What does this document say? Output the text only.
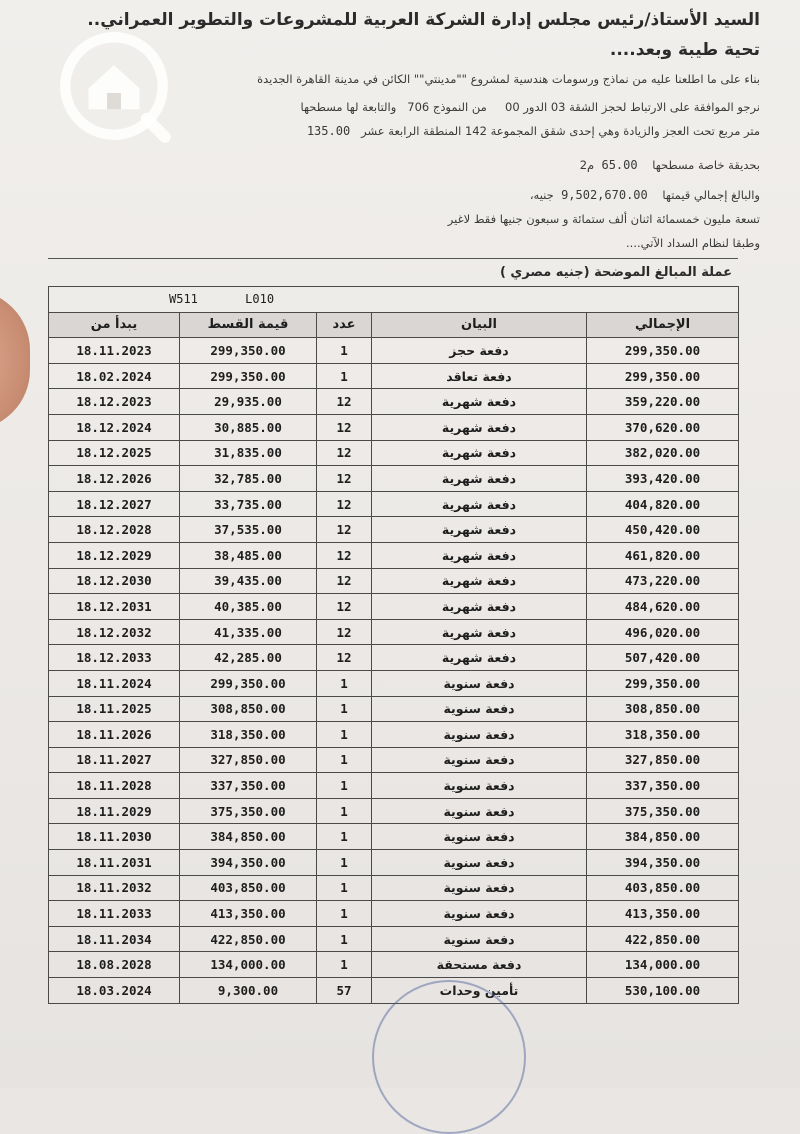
السيد الأستاذ/رئيس مجلس إدارة الشركة العربية للمشروعات والتطوير العمراني..
تحية طيبة وبعد....
بناء على ما اطلعنا عليه من نماذج ورسومات هندسية لمشروع ""مدينتي"" الكائن في مدينة القاهرة الجديدة
نرجو الموافقة على الارتباط لحجز الشقة 03 الدور 00     من النموذج 706   والتابعة لها مسطحها
متر مربع تحت العجز والزيادة وهي إحدى شقق المجموعة 142 المنطقة الرابعة عشر   135.00
بحديقة خاصة مسطحها    65.00  م2
والبالغ إجمالي قيمتها    9,502,670.00  جنيه،
تسعة مليون خمسمائة اثنان ألف ستمائة و سبعون جنيها فقط لاغير
وطبقا لنظام السداد الآتي....
عملة المبالغ الموضحة (جنيه مصري )
W511 L010				
يبدأ من	قيمة القسط	عدد	البيان	الإجمالي
18.11.2023	299,350.00	1	دفعة حجز	299,350.00
18.02.2024	299,350.00	1	دفعة تعاقد	299,350.00
18.12.2023	29,935.00	12	دفعة شهرية	359,220.00
18.12.2024	30,885.00	12	دفعة شهرية	370,620.00
18.12.2025	31,835.00	12	دفعة شهرية	382,020.00
18.12.2026	32,785.00	12	دفعة شهرية	393,420.00
18.12.2027	33,735.00	12	دفعة شهرية	404,820.00
18.12.2028	37,535.00	12	دفعة شهرية	450,420.00
18.12.2029	38,485.00	12	دفعة شهرية	461,820.00
18.12.2030	39,435.00	12	دفعة شهرية	473,220.00
18.12.2031	40,385.00	12	دفعة شهرية	484,620.00
18.12.2032	41,335.00	12	دفعة شهرية	496,020.00
18.12.2033	42,285.00	12	دفعة شهرية	507,420.00
18.11.2024	299,350.00	1	دفعة سنوية	299,350.00
18.11.2025	308,850.00	1	دفعة سنوية	308,850.00
18.11.2026	318,350.00	1	دفعة سنوية	318,350.00
18.11.2027	327,850.00	1	دفعة سنوية	327,850.00
18.11.2028	337,350.00	1	دفعة سنوية	337,350.00
18.11.2029	375,350.00	1	دفعة سنوية	375,350.00
18.11.2030	384,850.00	1	دفعة سنوية	384,850.00
18.11.2031	394,350.00	1	دفعة سنوية	394,350.00
18.11.2032	403,850.00	1	دفعة سنوية	403,850.00
18.11.2033	413,350.00	1	دفعة سنوية	413,350.00
18.11.2034	422,850.00	1	دفعة سنوية	422,850.00
18.08.2028	134,000.00	1	دفعة مستحقة	134,000.00
18.03.2024	9,300.00	57	تأمين وحدات	530,100.00
